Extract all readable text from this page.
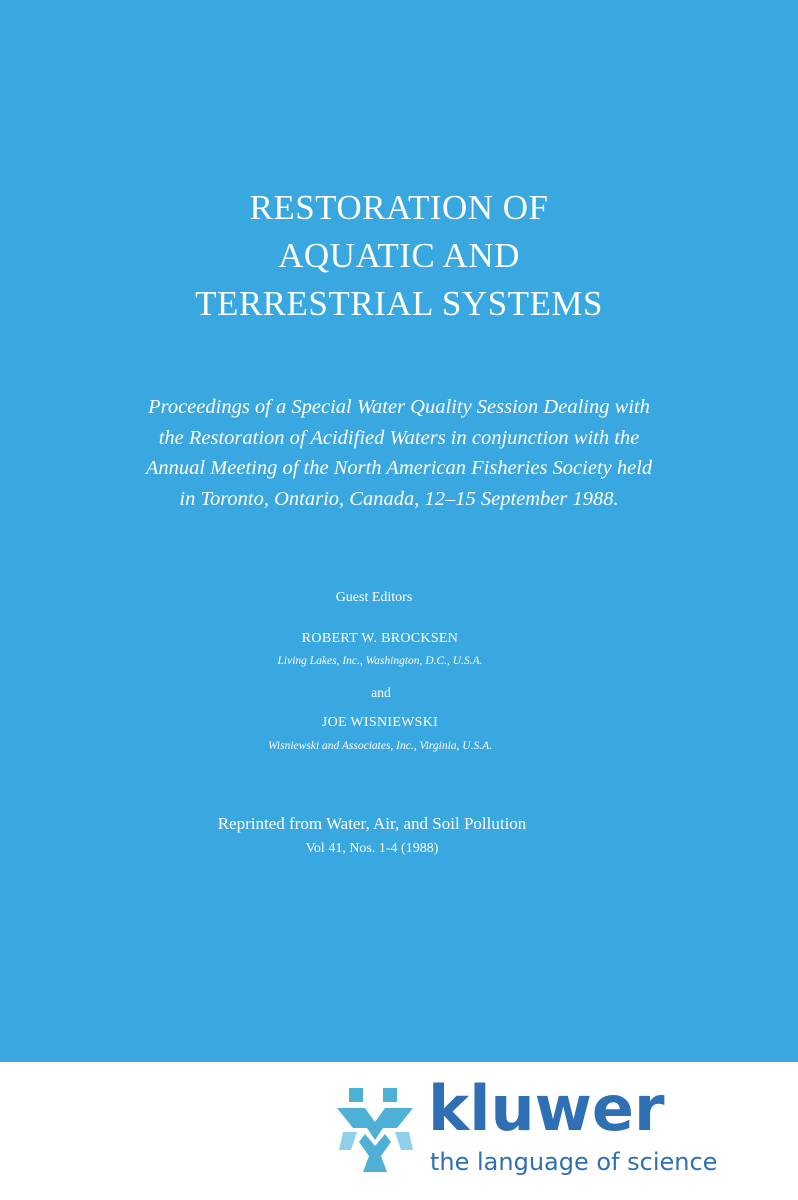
RESTORATION OF
AQUATIC AND
TERRESTRIAL SYSTEMS
Proceedings of a Special Water Quality Session Dealing with
the Restoration of Acidified Waters in conjunction with the
Annual Meeting of the North American Fisheries Society held
in Toronto, Ontario, Canada, 12–15 September 1988.
Guest Editors
ROBERT W. BROCKSEN
Living Lakes, Inc., Washington, D.C., U.S.A.
and
JOE WISNIEWSKI
Wisniewski and Associates, Inc., Virginia, U.S.A.
Reprinted from Water, Air, and Soil Pollution
Vol 41, Nos. 1-4 (1988)
kluwer
the language of science
